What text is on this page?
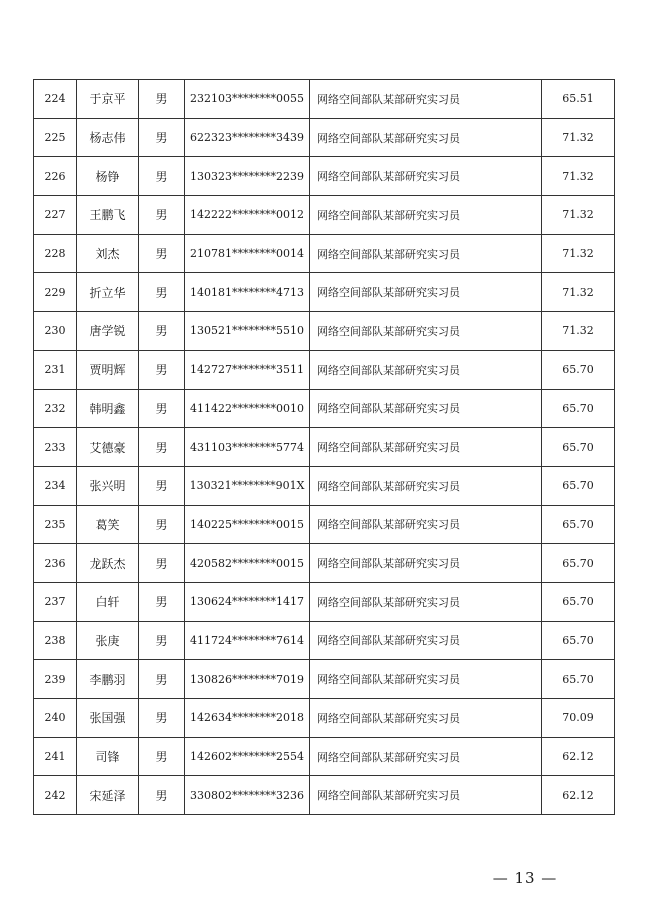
224	于京平	男	232103********0055	网络空间部队某部研究实习员	65.51
225	杨志伟	男	622323********3439	网络空间部队某部研究实习员	71.32
226	杨铮	男	130323********2239	网络空间部队某部研究实习员	71.32
227	王鹏飞	男	142222********0012	网络空间部队某部研究实习员	71.32
228	刘杰	男	210781********0014	网络空间部队某部研究实习员	71.32
229	折立华	男	140181********4713	网络空间部队某部研究实习员	71.32
230	唐学锐	男	130521********5510	网络空间部队某部研究实习员	71.32
231	贾明辉	男	142727********3511	网络空间部队某部研究实习员	65.70
232	韩明鑫	男	411422********0010	网络空间部队某部研究实习员	65.70
233	艾德豪	男	431103********5774	网络空间部队某部研究实习员	65.70
234	张兴明	男	130321********901X	网络空间部队某部研究实习员	65.70
235	葛笑	男	140225********0015	网络空间部队某部研究实习员	65.70
236	龙跃杰	男	420582********0015	网络空间部队某部研究实习员	65.70
237	白轩	男	130624********1417	网络空间部队某部研究实习员	65.70
238	张庚	男	411724********7614	网络空间部队某部研究实习员	65.70
239	李鹏羽	男	130826********7019	网络空间部队某部研究实习员	65.70
240	张国强	男	142634********2018	网络空间部队某部研究实习员	70.09
241	司锋	男	142602********2554	网络空间部队某部研究实习员	62.12
242	宋延泽	男	330802********3236	网络空间部队某部研究实习员	62.12
— 13 —
